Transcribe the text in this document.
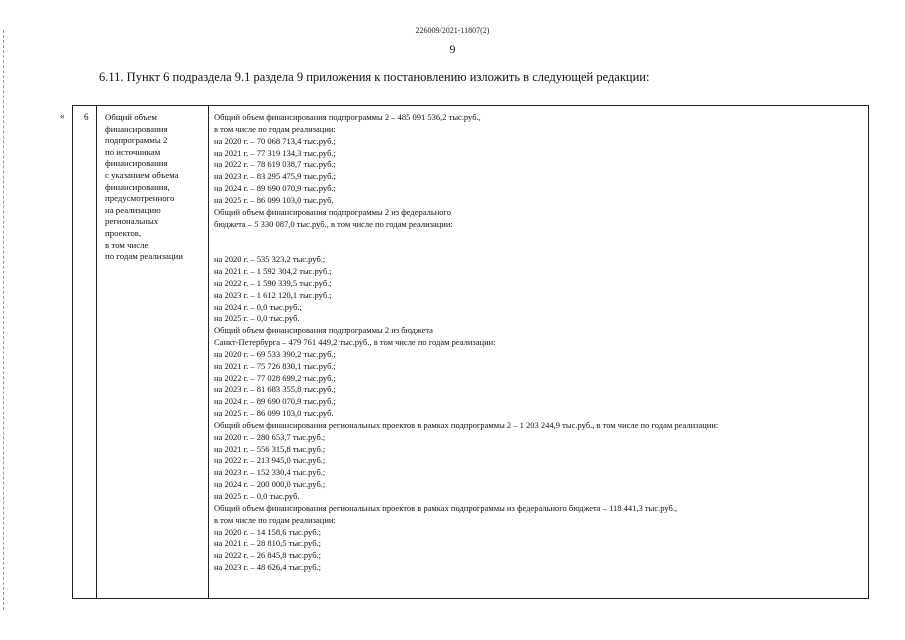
226009/2021-11807(2)
9
6.11. Пункт 6 подраздела 9.1 раздела 9 приложения к постановлению изложить в следующей редакции:
« 6 Общий объем
финансирования
подпрограммы 2
по источникам
финансирования
с указанием объема
финансирования,
предусмотренного
на реализацию
региональных
проектов,
в том числе
по годам реализации
Общий объем финансирования подпрограммы 2 – 485 091 536,2 тыс.руб.,
в том числе по годам реализации:
на 2020 г. – 70 068 713,4 тыс.руб.;
на 2021 г. – 77 319 134,3 тыс.руб.;
на 2022 г. – 78 619 038,7 тыс.руб.;
на 2023 г. – 83 295 475,9 тыс.руб.;
на 2024 г. – 89 690 070,9 тыс.руб.;
на 2025 г. – 86 099 103,0 тыс.руб.
Общий объем финансирования подпрограммы 2 из федерального
бюджета – 5 330 087,0 тыс.руб., в том числе по годам реализации:
на 2020 г. – 535 323,2 тыс.руб.;
на 2021 г. – 1 592 304,2 тыс.руб.;
на 2022 г. – 1 590 339,5 тыс.руб.;
на 2023 г. – 1 612 120,1 тыс.руб.;
на 2024 г. – 0,0 тыс.руб.;
на 2025 г. – 0,0 тыс.руб.
Общий объем финансирования подпрограммы 2 из бюджета
Санкт-Петербурга – 479 761 449,2 тыс.руб., в том числе по годам реализации:
на 2020 г. – 69 533 390,2 тыс.руб.;
на 2021 г. – 75 726 830,1 тыс.руб.;
на 2022 г. – 77 028 699,2 тыс.руб.;
на 2023 г. – 81 683 355,8 тыс.руб.;
на 2024 г. – 89 690 070,9 тыс.руб.;
на 2025 г. – 86 099 103,0 тыс.руб.
Общий объем финансирования региональных проектов в рамках подпрограммы 2 – 1 203 244,9 тыс.руб., в том числе по годам реализации:
на 2020 г. – 280 653,7 тыс.руб.;
на 2021 г. – 556 315,8 тыс.руб.;
на 2022 г. – 213 945,0 тыс.руб.;
на 2023 г. – 152 330,4 тыс.руб.;
на 2024 г. – 200 000,0 тыс.руб.;
на 2025 г. – 0,0 тыс.руб.
Общий объем финансирования региональных проектов в рамках подпрограммы из федерального бюджета – 118 441,3 тыс.руб.,
в том числе по годам реализации:
на 2020 г. – 14 158,6 тыс.руб.;
на 2021 г. – 28 810,5 тыс.руб.;
на 2022 г. – 26 845,8 тыс.руб.;
на 2023 г. – 48 626,4 тыс.руб.;
